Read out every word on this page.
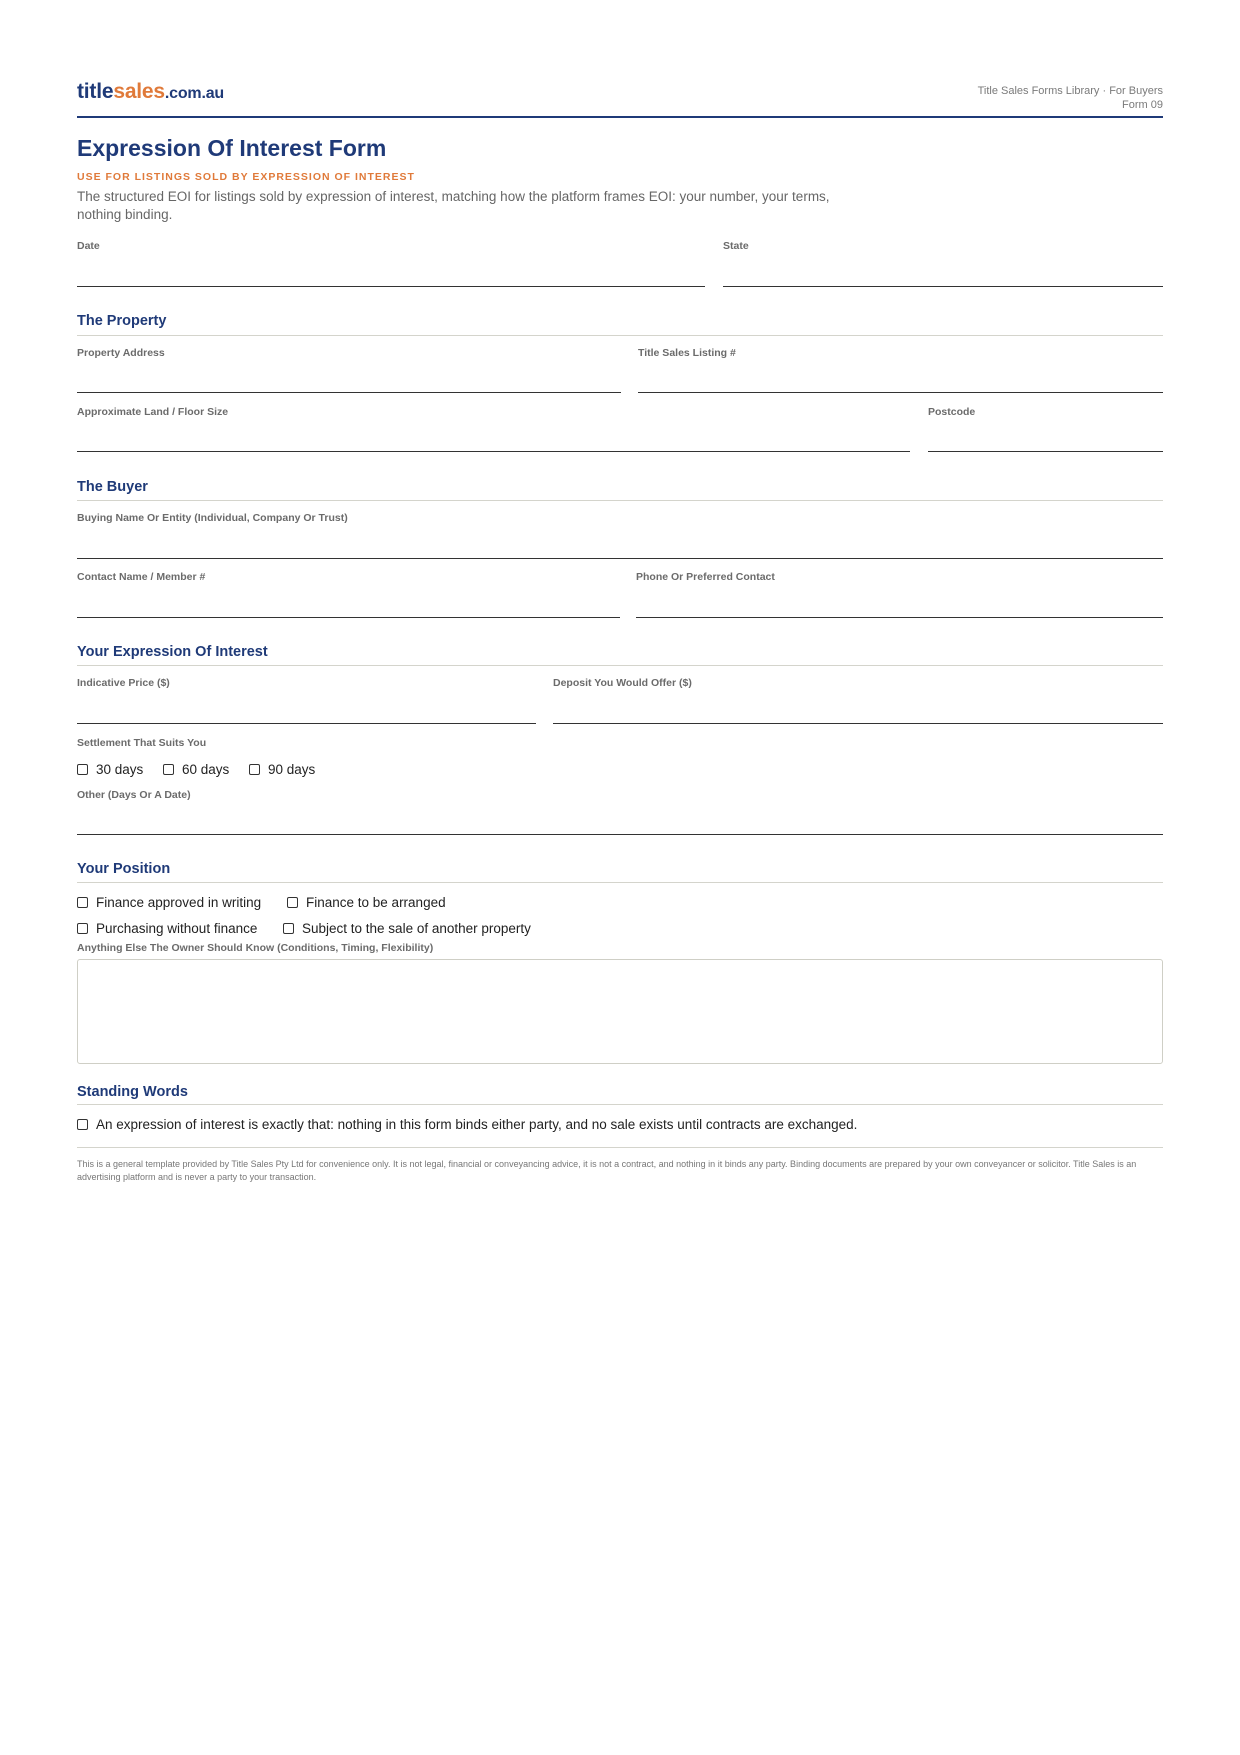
titlesales.com.au	Title Sales Forms Library · For Buyers
Form 09
Expression Of Interest Form
USE FOR LISTINGS SOLD BY EXPRESSION OF INTEREST
The structured EOI for listings sold by expression of interest, matching how the platform frames EOI: your number, your terms, nothing binding.
Date	State
The Property
Property Address	Title Sales Listing #
Approximate Land / Floor Size	Postcode
The Buyer
Buying Name Or Entity (Individual, Company Or Trust)
Contact Name / Member #	Phone Or Preferred Contact
Your Expression Of Interest
Indicative Price ($)	Deposit You Would Offer ($)
Settlement That Suits You
30 days	60 days	90 days
Other (Days Or A Date)
Your Position
Finance approved in writing	Finance to be arranged
Purchasing without finance	Subject to the sale of another property
Anything Else The Owner Should Know (Conditions, Timing, Flexibility)
Standing Words
An expression of interest is exactly that: nothing in this form binds either party, and no sale exists until contracts are exchanged.
This is a general template provided by Title Sales Pty Ltd for convenience only. It is not legal, financial or conveyancing advice, it is not a contract, and nothing in it binds any party. Binding documents are prepared by your own conveyancer or solicitor. Title Sales is an advertising platform and is never a party to your transaction.
